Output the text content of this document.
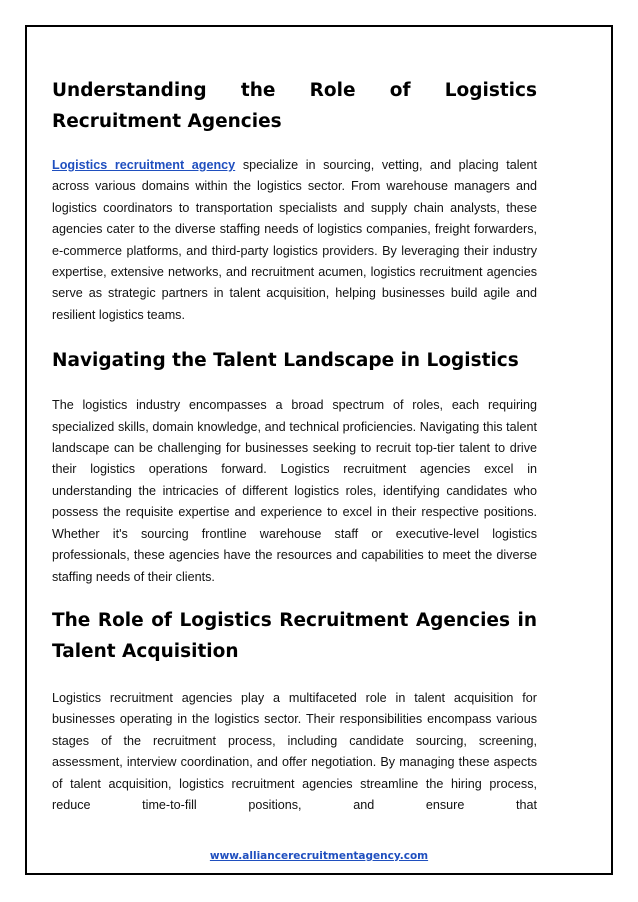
Understanding the Role of Logistics Recruitment Agencies

Logistics recruitment agency specialize in sourcing, vetting, and placing talent across various domains within the logistics sector. From warehouse managers and logistics coordinators to transportation specialists and supply chain analysts, these agencies cater to the diverse staffing needs of logistics companies, freight forwarders, e-commerce platforms, and third-party logistics providers. By leveraging their industry expertise, extensive networks, and recruitment acumen, logistics recruitment agencies serve as strategic partners in talent acquisition, helping businesses build agile and resilient logistics teams.

Navigating the Talent Landscape in Logistics

The logistics industry encompasses a broad spectrum of roles, each requiring specialized skills, domain knowledge, and technical proficiencies. Navigating this talent landscape can be challenging for businesses seeking to recruit top-tier talent to drive their logistics operations forward. Logistics recruitment agencies excel in understanding the intricacies of different logistics roles, identifying candidates who possess the requisite expertise and experience to excel in their respective positions. Whether it's sourcing frontline warehouse staff or executive-level logistics professionals, these agencies have the resources and capabilities to meet the diverse staffing needs of their clients.

The Role of Logistics Recruitment Agencies in Talent Acquisition

Logistics recruitment agencies play a multifaceted role in talent acquisition for businesses operating in the logistics sector. Their responsibilities encompass various stages of the recruitment process, including candidate sourcing, screening, assessment, interview coordination, and offer negotiation. By managing these aspects of talent acquisition, logistics recruitment agencies streamline the hiring process, reduce time-to-fill positions, and ensure that

www.alliancerecruitmentagency.com
